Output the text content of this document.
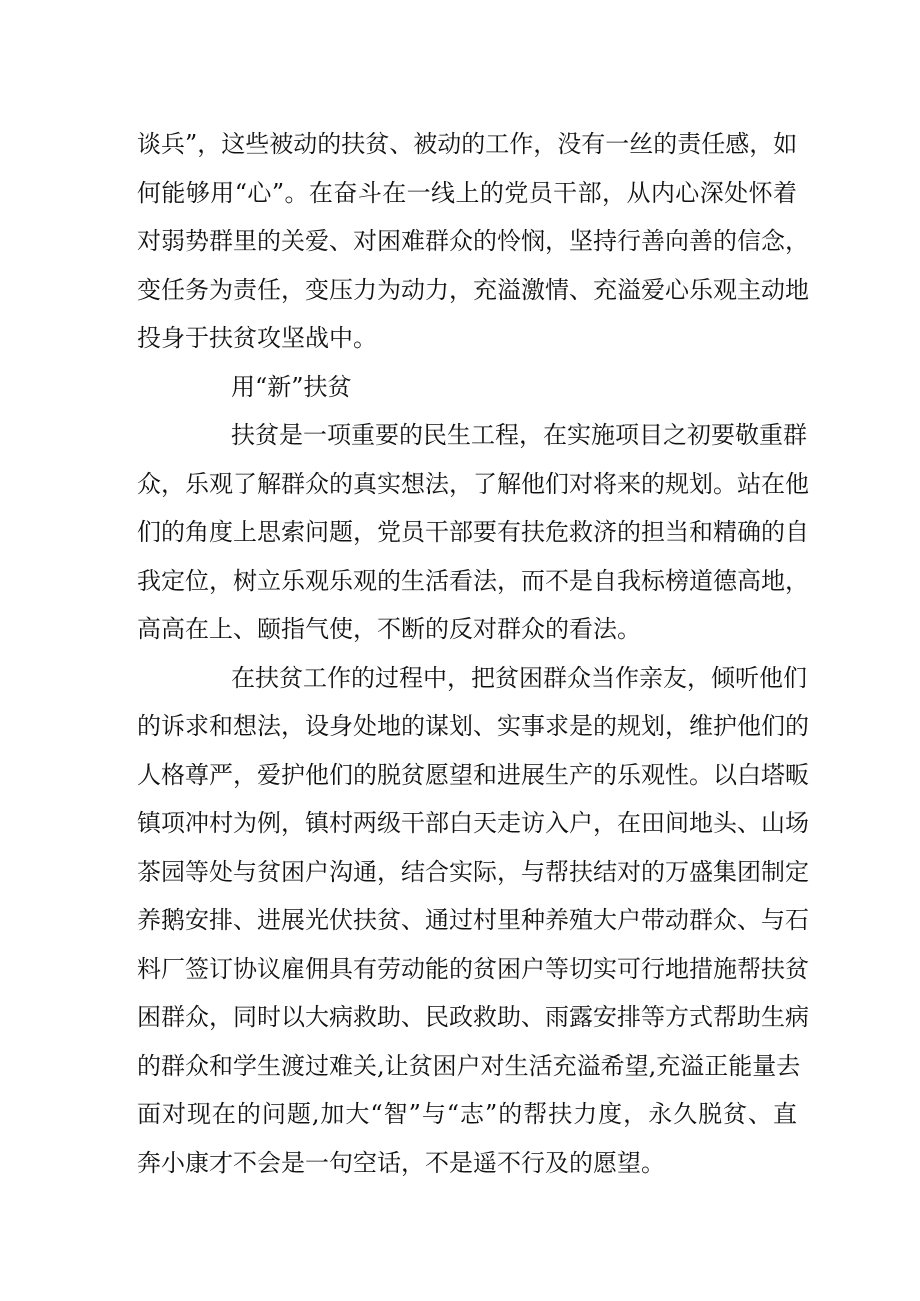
谈兵”，这些被动的扶贫、被动的工作，没有一丝的责任感，如
何能够用“心”。在奋斗在一线上的党员干部，从内心深处怀着
对弱势群里的关爱、对困难群众的怜悯，坚持行善向善的信念，
变任务为责任，变压力为动力，充溢激情、充溢爱心乐观主动地
投身于扶贫攻坚战中。
用“新”扶贫
扶贫是一项重要的民生工程，在实施项目之初要敬重群
众，乐观了解群众的真实想法，了解他们对将来的规划。站在他
们的角度上思索问题，党员干部要有扶危救济的担当和精确的自
我定位，树立乐观乐观的生活看法，而不是自我标榜道德高地，
高高在上、颐指气使，不断的反对群众的看法。
在扶贫工作的过程中，把贫困群众当作亲友，倾听他们
的诉求和想法，设身处地的谋划、实事求是的规划，维护他们的
人格尊严，爱护他们的脱贫愿望和进展生产的乐观性。以白塔畈
镇项冲村为例，镇村两级干部白天走访入户，在田间地头、山场
茶园等处与贫困户沟通，结合实际，与帮扶结对的万盛集团制定
养鹅安排、进展光伏扶贫、通过村里种养殖大户带动群众、与石
料厂签订协议雇佣具有劳动能的贫困户等切实可行地措施帮扶贫
困群众，同时以大病救助、民政救助、雨露安排等方式帮助生病
的群众和学生渡过难关,让贫困户对生活充溢希望,充溢正能量去
面对现在的问题,加大“智”与“志”的帮扶力度，永久脱贫、直
奔小康才不会是一句空话，不是遥不行及的愿望。
